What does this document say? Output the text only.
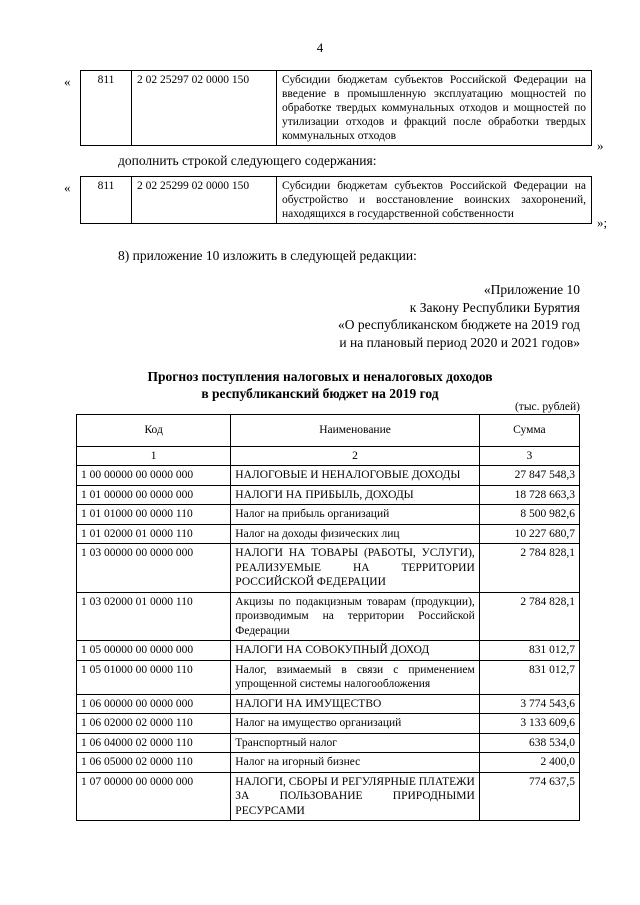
4
« 811	2 02 25297 02 0000 150	Субсидии бюджетам субъектов Российской Федерации на введение в промышленную эксплуатацию мощностей по обработке твердых коммунальных отходов и мощностей по утилизации отходов и фракций после обработки твердых коммунальных отходов
»
дополнить строкой следующего содержания:
« 811	2 02 25299 02 0000 150	Субсидии бюджетам субъектов Российской Федерации на обустройство и восстановление воинских захоронений, находящихся в государственной собственности
»;
8) приложение 10 изложить в следующей редакции:
«Приложение 10
к Закону Республики Бурятия
«О республиканском бюджете на 2019 год
и на плановый период 2020 и 2021 годов»
Прогноз поступления налоговых и неналоговых доходов
в республиканский бюджет на 2019 год
(тыс. рублей)
Код	Наименование	Сумма
1	2	3
1 00 00000 00 0000 000	НАЛОГОВЫЕ И НЕНАЛОГОВЫЕ ДОХОДЫ	27 847 548,3
1 01 00000 00 0000 000	НАЛОГИ НА ПРИБЫЛЬ, ДОХОДЫ	18 728 663,3
1 01 01000 00 0000 110	Налог на прибыль организаций	8 500 982,6
1 01 02000 01 0000 110	Налог на доходы физических лиц	10 227 680,7
1 03 00000 00 0000 000	НАЛОГИ НА ТОВАРЫ (РАБОТЫ, УСЛУГИ), РЕАЛИЗУЕМЫЕ НА ТЕРРИТОРИИ РОССИЙСКОЙ ФЕДЕРАЦИИ	2 784 828,1
1 03 02000 01 0000 110	Акцизы по подакцизным товарам (продукции), производимым на территории Российской Федерации	2 784 828,1
1 05 00000 00 0000 000	НАЛОГИ НА СОВОКУПНЫЙ ДОХОД	831 012,7
1 05 01000 00 0000 110	Налог, взимаемый в связи с применением упрощенной системы налогообложения	831 012,7
1 06 00000 00 0000 000	НАЛОГИ НА ИМУЩЕСТВО	3 774 543,6
1 06 02000 02 0000 110	Налог на имущество организаций	3 133 609,6
1 06 04000 02 0000 110	Транспортный налог	638 534,0
1 06 05000 02 0000 110	Налог на игорный бизнес	2 400,0
1 07 00000 00 0000 000	НАЛОГИ, СБОРЫ И РЕГУЛЯРНЫЕ ПЛАТЕЖИ ЗА ПОЛЬЗОВАНИЕ ПРИРОДНЫМИ РЕСУРСАМИ	774 637,5
